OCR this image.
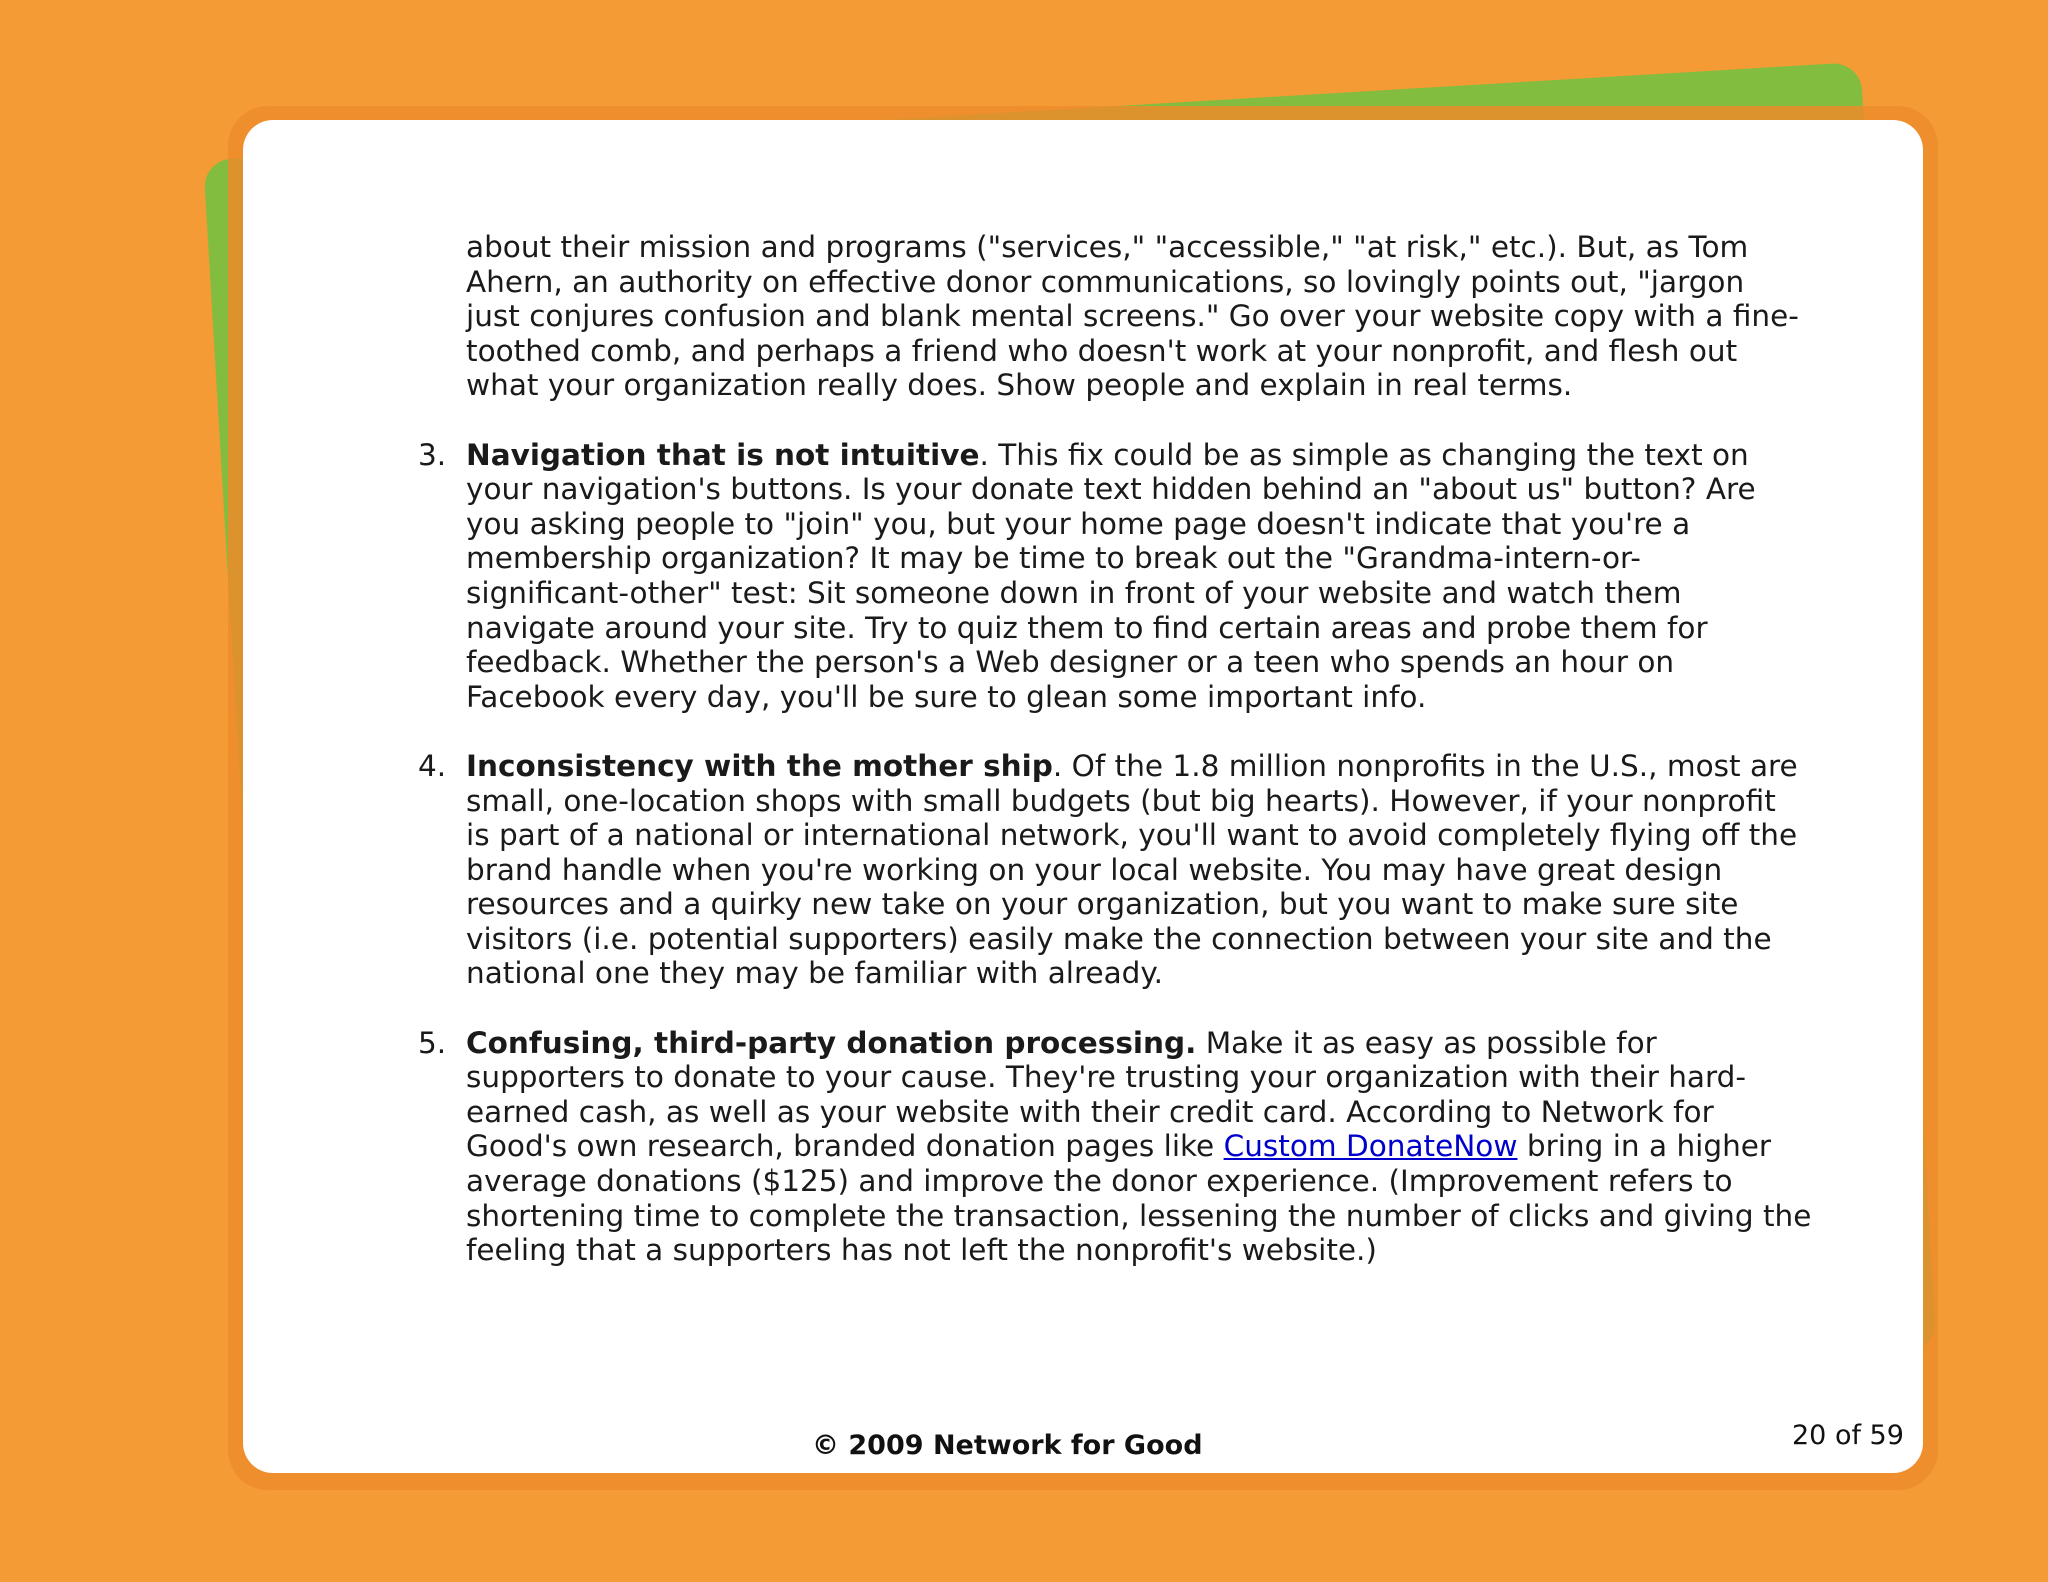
about their mission and programs ("services," "accessible," "at risk," etc.). But, as Tom
Ahern, an authority on effective donor communications, so lovingly points out, "jargon
just conjures confusion and blank mental screens." Go over your website copy with a fine-
toothed comb, and perhaps a friend who doesn't work at your nonprofit, and flesh out
what your organization really does. Show people and explain in real terms.

3. Navigation that is not intuitive. This fix could be as simple as changing the text on
your navigation's buttons. Is your donate text hidden behind an "about us" button? Are
you asking people to "join" you, but your home page doesn't indicate that you're a
membership organization? It may be time to break out the "Grandma-intern-or-
significant-other" test: Sit someone down in front of your website and watch them
navigate around your site. Try to quiz them to find certain areas and probe them for
feedback. Whether the person's a Web designer or a teen who spends an hour on
Facebook every day, you'll be sure to glean some important info.
4. Inconsistency with the mother ship. Of the 1.8 million nonprofits in the U.S., most are
small, one-location shops with small budgets (but big hearts). However, if your nonprofit
is part of a national or international network, you'll want to avoid completely flying off the
brand handle when you're working on your local website. You may have great design
resources and a quirky new take on your organization, but you want to make sure site
visitors (i.e. potential supporters) easily make the connection between your site and the
national one they may be familiar with already.
5. Confusing, third-party donation processing. Make it as easy as possible for
supporters to donate to your cause. They're trusting your organization with their hard-
earned cash, as well as your website with their credit card. According to Network for
Good's own research, branded donation pages like Custom DonateNow bring in a higher
average donations ($125) and improve the donor experience. (Improvement refers to
shortening time to complete the transaction, lessening the number of clicks and giving the
feeling that a supporters has not left the nonprofit's website.)
© 2009 Network for Good	20 of 59
